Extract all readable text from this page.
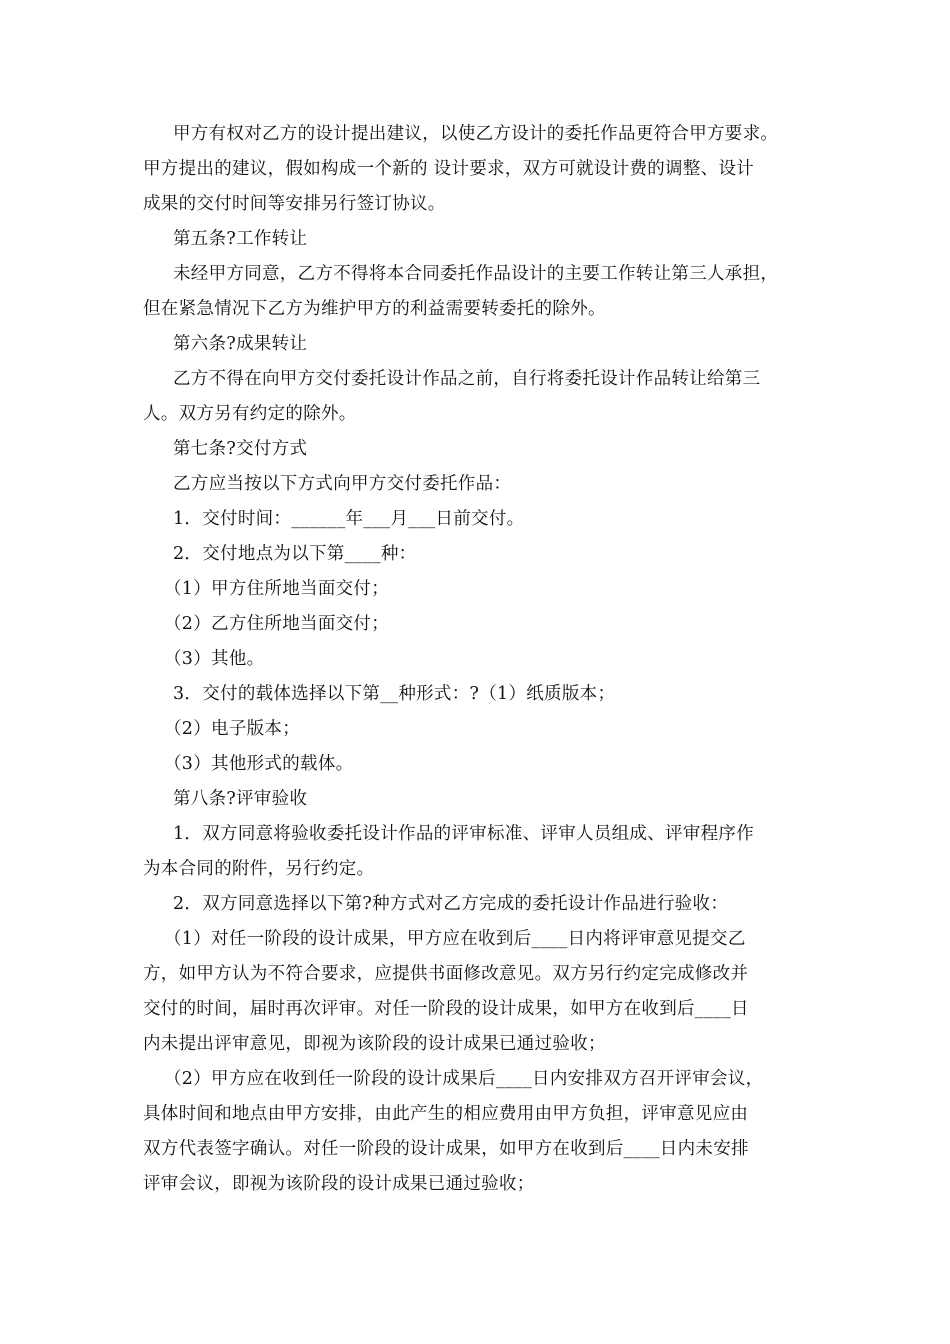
甲方有权对乙方的设计提出建议，以使乙方设计的委托作品更符合甲方要求。
甲方提出的建议，假如构成一个新的 设计要求，双方可就设计费的调整、设计
成果的交付时间等安排另行签订协议。
第五条?工作转让
未经甲方同意，乙方不得将本合同委托作品设计的主要工作转让第三人承担，
但在紧急情况下乙方为维护甲方的利益需要转委托的除外。
第六条?成果转让
乙方不得在向甲方交付委托设计作品之前，自行将委托设计作品转让给第三
人。双方另有约定的除外。
第七条?交付方式
乙方应当按以下方式向甲方交付委托作品：
1．交付时间：______年___月___日前交付。
2．交付地点为以下第____种：
（1）甲方住所地当面交付；
（2）乙方住所地当面交付；
（3）其他。
3．交付的载体选择以下第__种形式：?（1）纸质版本；
（2）电子版本；
（3）其他形式的载体。
第八条?评审验收
1．双方同意将验收委托设计作品的评审标准、评审人员组成、评审程序作
为本合同的附件，另行约定。
2．双方同意选择以下第?种方式对乙方完成的委托设计作品进行验收：
（1）对任一阶段的设计成果，甲方应在收到后____日内将评审意见提交乙
方，如甲方认为不符合要求，应提供书面修改意见。双方另行约定完成修改并
交付的时间，届时再次评审。对任一阶段的设计成果，如甲方在收到后____日
内未提出评审意见，即视为该阶段的设计成果已通过验收；
（2）甲方应在收到任一阶段的设计成果后____日内安排双方召开评审会议，
具体时间和地点由甲方安排，由此产生的相应费用由甲方负担，评审意见应由
双方代表签字确认。对任一阶段的设计成果，如甲方在收到后____日内未安排
评审会议，即视为该阶段的设计成果已通过验收；
